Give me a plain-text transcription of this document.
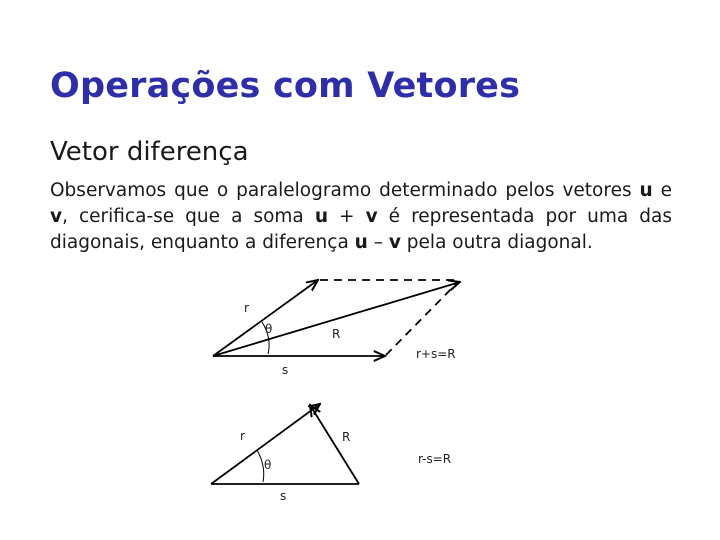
Operações com Vetores
Vetor diferença
Observamos que o paralelogramo determinado pelos vetores u e v, cerifica-se que a soma u + v é representada por uma das diagonais, enquanto a diferença u – v pela outra diagonal.
r
θ	R
s
r+s=R
r
θ
R
s
r-s=R
